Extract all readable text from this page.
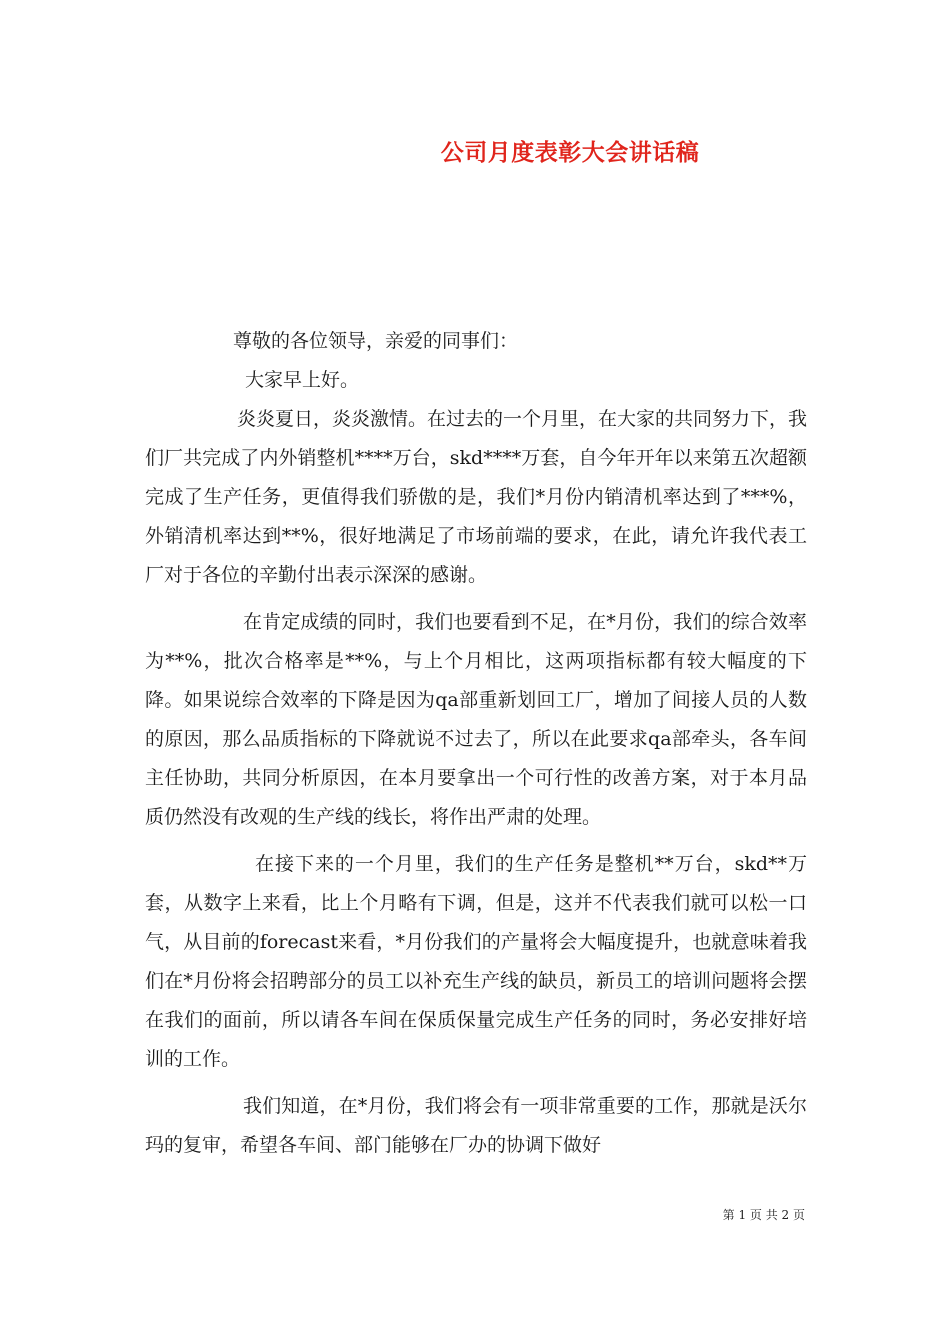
公司月度表彰大会讲话稿

尊敬的各位领导，亲爱的同事们：

大家早上好。

炎炎夏日，炎炎激情。在过去的一个月里，在大家的共同努力下，我们厂共完成了内外销整机****万台，skd****万套，自今年开年以来第五次超额完成了生产任务，更值得我们骄傲的是，我们*月份内销清机率达到了***%，外销清机率达到**%，很好地满足了市场前端的要求，在此，请允许我代表工厂对于各位的辛勤付出表示深深的感谢。

在肯定成绩的同时，我们也要看到不足，在*月份，我们的综合效率为**%，批次合格率是**%，与上个月相比，这两项指标都有较大幅度的下降。如果说综合效率的下降是因为qa部重新划回工厂，增加了间接人员的人数的原因，那么品质指标的下降就说不过去了，所以在此要求qa部牵头，各车间主任协助，共同分析原因，在本月要拿出一个可行性的改善方案，对于本月品质仍然没有改观的生产线的线长，将作出严肃的处理。

在接下来的一个月里，我们的生产任务是整机**万台，skd**万套，从数字上来看，比上个月略有下调，但是，这并不代表我们就可以松一口气，从目前的forecast来看，*月份我们的产量将会大幅度提升，也就意味着我们在*月份将会招聘部分的员工以补充生产线的缺员，新员工的培训问题将会摆在我们的面前，所以请各车间在保质保量完成生产任务的同时，务必安排好培训的工作。

我们知道，在*月份，我们将会有一项非常重要的工作，那就是沃尔玛的复审，希望各车间、部门能够在厂办的协调下做好

第 1 页 共 2 页
